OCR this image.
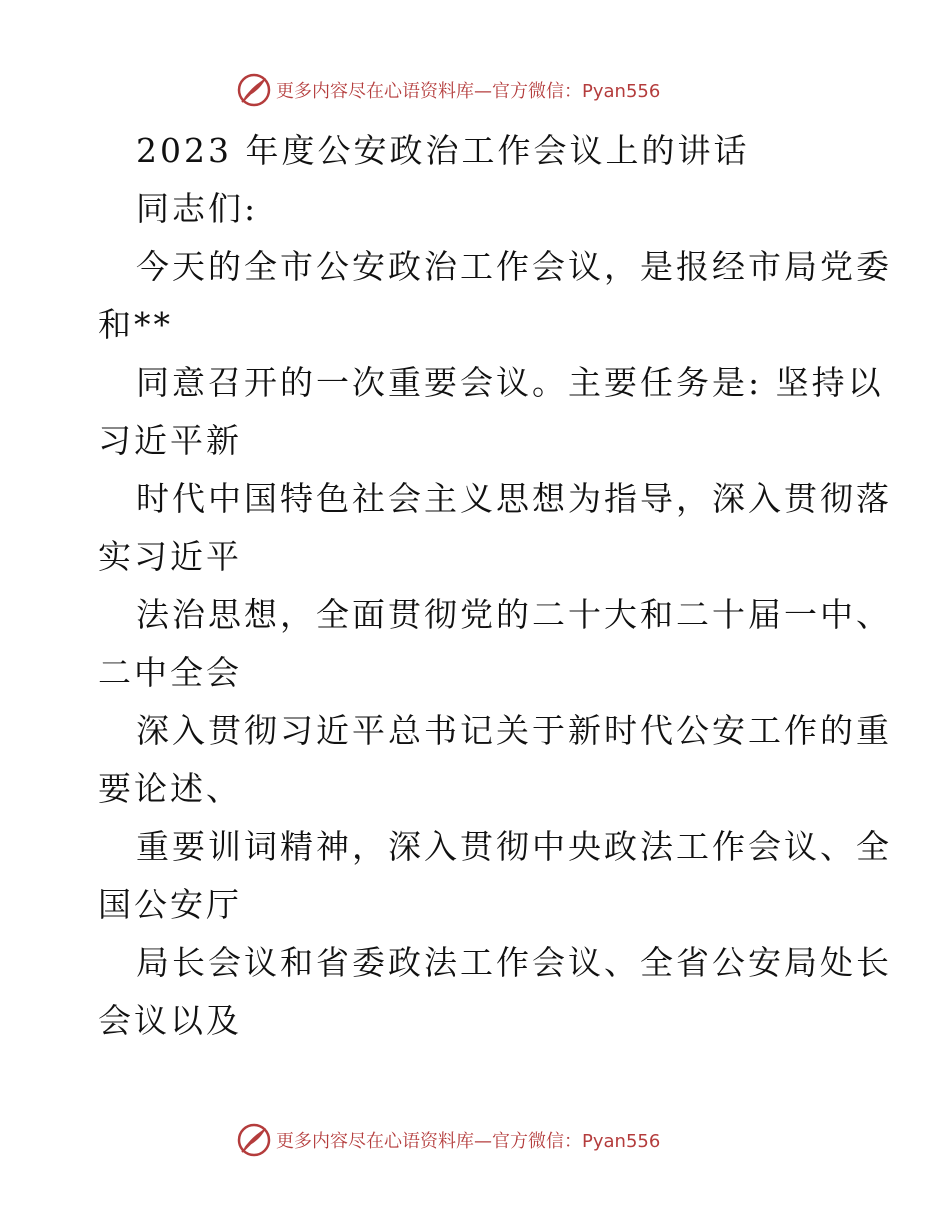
更多内容尽在心语资料库—官方微信：Pyan556
2023 年度公安政治工作会议上的讲话
同志们:
今天的全市公安政治工作会议，是报经市局党委
和**
同意召开的一次重要会议。主要任务是: 坚持以
习近平新
时代中国特色社会主义思想为指导，深入贯彻落
实习近平
法治思想，全面贯彻党的二十大和二十届一中、
二中全会
深入贯彻习近平总书记关于新时代公安工作的重
要论述、
重要训词精神，深入贯彻中央政法工作会议、全
国公安厅
局长会议和省委政法工作会议、全省公安局处长
会议以及
更多内容尽在心语资料库—官方微信：Pyan556
